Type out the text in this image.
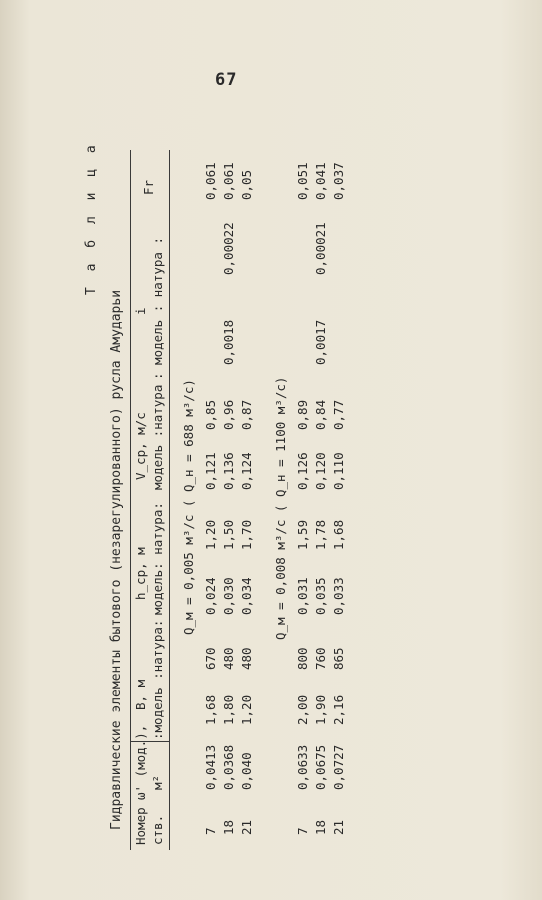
67
Т а б л и ц а
Гидравлические элементы бытового (незарегулированного) русла Амударьи Номер ств.
ω' (мод.), м²
B, м :модель :натура:
h_ср, м модель: натура:
V_ср, м/с модель :натура
i : модель : натура :
Fr
Q_м = 0,005 м³/с ( Q_н = 688 м³/с)
7
0,0413
1,68
670
0,024
1,20
0,121
0,85
0,0018
0,00022
0,061
18
0,0368
1,80
480
0,030
1,50
0,136
0,96
0,061
21
0,040
1,20
480
0,034
1,70
0,124
0,87
0,05
Q_м = 0,008 м³/с ( Q_н = 1100 м³/с)
7
0,0633
2,00
800
0,031
1,59
0,126
0,89
0,0017
0,00021
0,051
18
0,0675
1,90
760
0,035
1,78
0,120
0,84
0,041
21
0,0727
2,16
865
0,033
1,68
0,110
0,77
0,037
